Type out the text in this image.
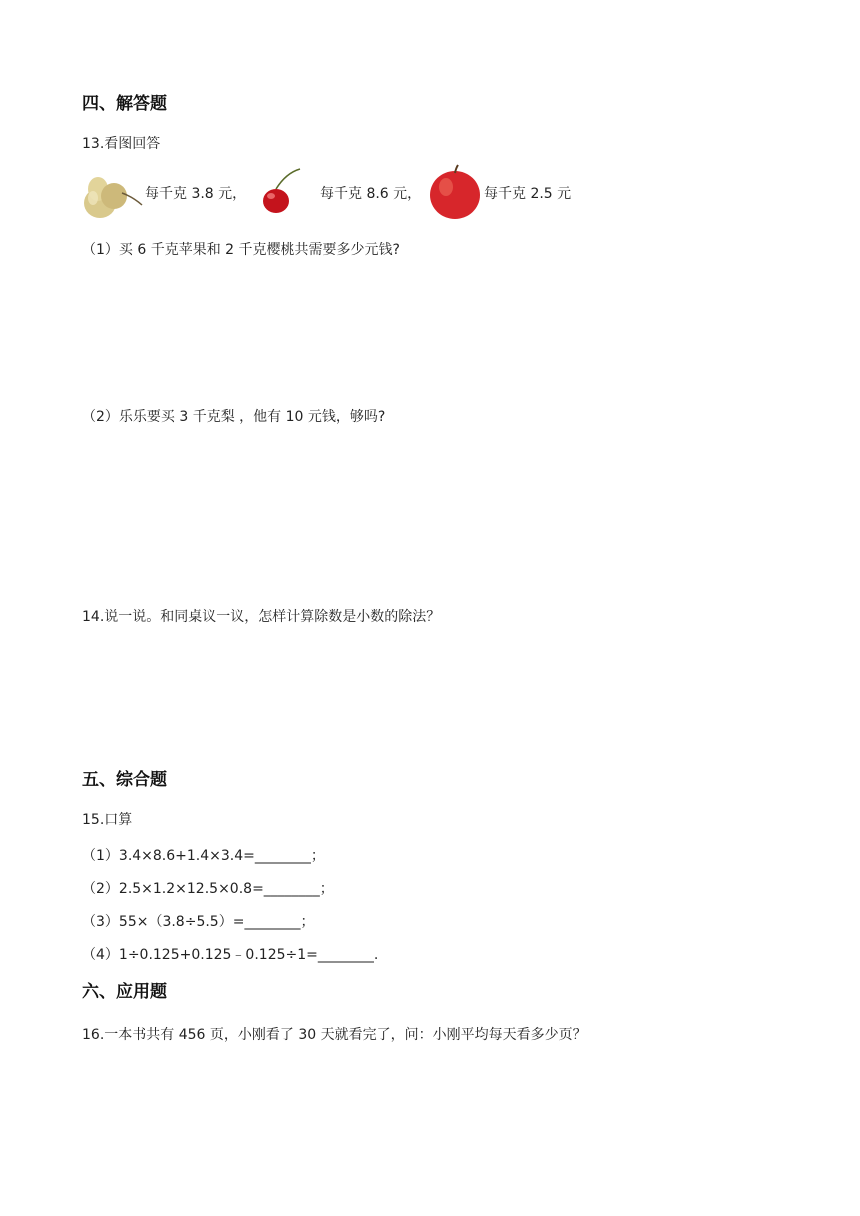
四、解答题
13.看图回答
每千克 3.8 元，	每千克 8.6 元，	每千克 2.5 元
（1）买 6 千克苹果和 2 千克樱桃共需要多少元钱?
（2）乐乐要买 3 千克梨 ，他有 10 元钱，够吗?
14.说一说。和同桌议一议，怎样计算除数是小数的除法？
五、综合题
15.口算
（1）3.4×8.6+1.4×3.4=________；
（2）2.5×1.2×12.5×0.8=________；
（3）55×（3.8÷5.5）=________；
（4）1÷0.125+0.125﹣0.125÷1=________.
六、应用题
16.一本书共有 456 页，小刚看了 30 天就看完了，问：小刚平均每天看多少页？
